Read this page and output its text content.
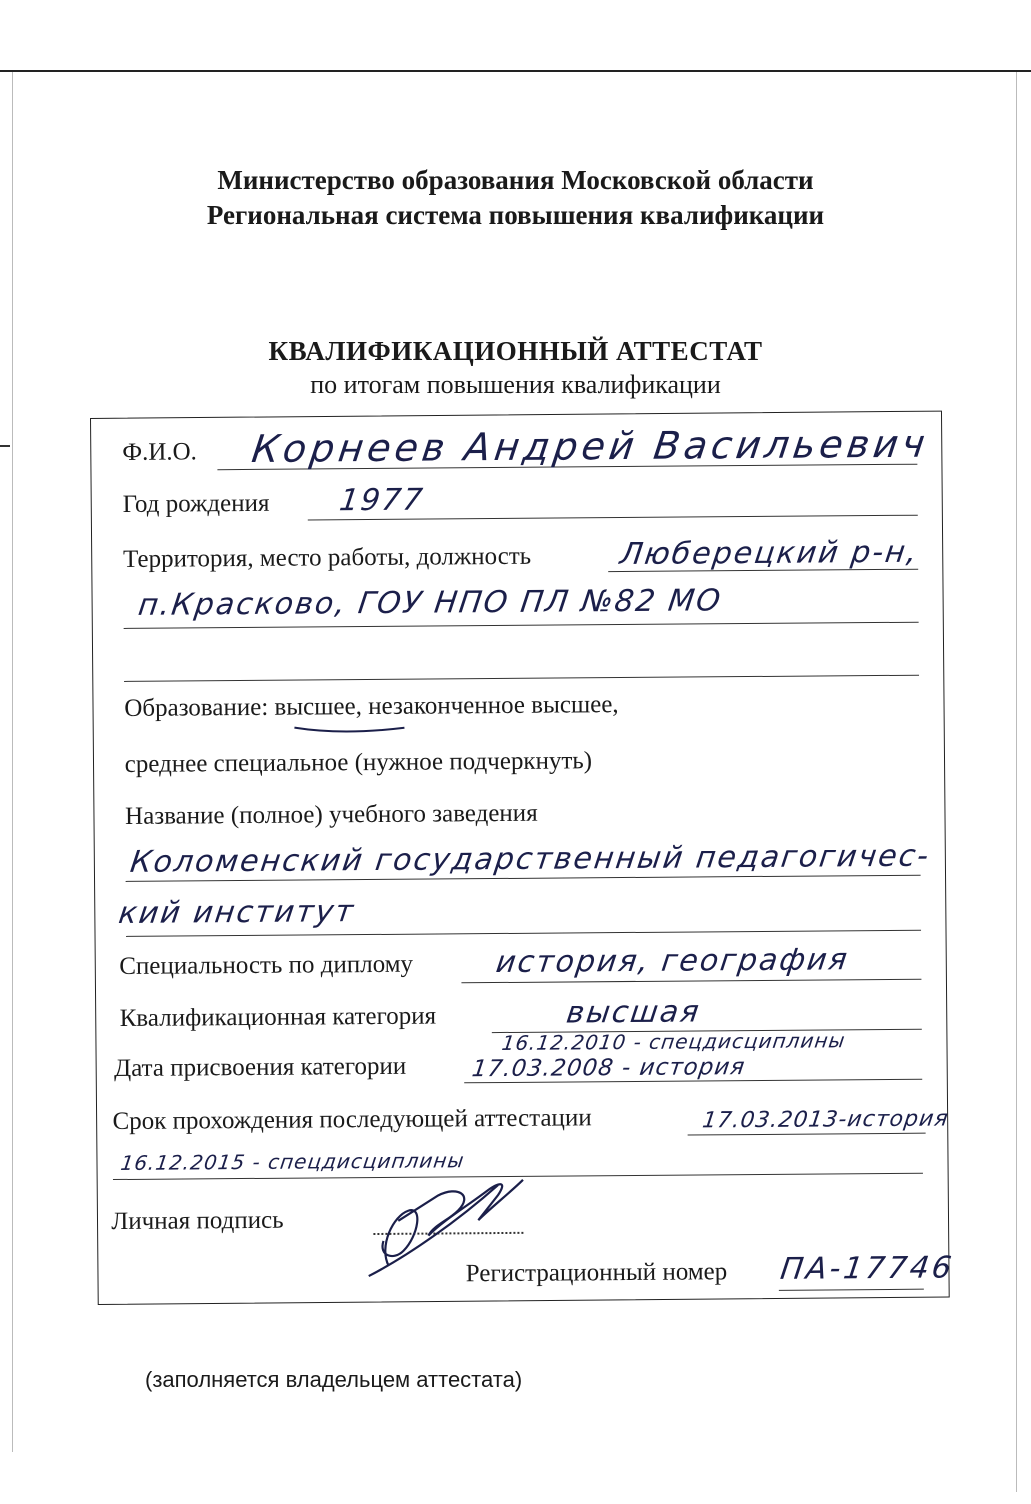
Министерство образования Московской области
Региональная система повышения квалификации
КВАЛИФИКАЦИОННЫЙ АТТЕСТАТ
по итогам повышения квалификации
Ф.И.О. Корнеев Андрей Васильевич
Год рождения 1977
Территория, место работы, должность	Люберецкий р-н,
п.Красково, ГОУ НПО ПЛ №82 МО
Образование: высшее, незаконченное высшее,
среднее специальное (нужное подчеркнуть)
Название (полное) учебного заведения
Коломенский государственный педагогичес-
кий институт
Специальность по диплому	история, география
Квалификационная категория	высшая
16.12.2010 - спецдисциплины
Дата присвоения категории	17.03.2008 - история
Срок прохождения последующей аттестации	17.03.2013-история
16.12.2015 - спецдисциплины
Личная подпись
Регистрационный номер ПА-17746
(заполняется владельцем аттестата)
